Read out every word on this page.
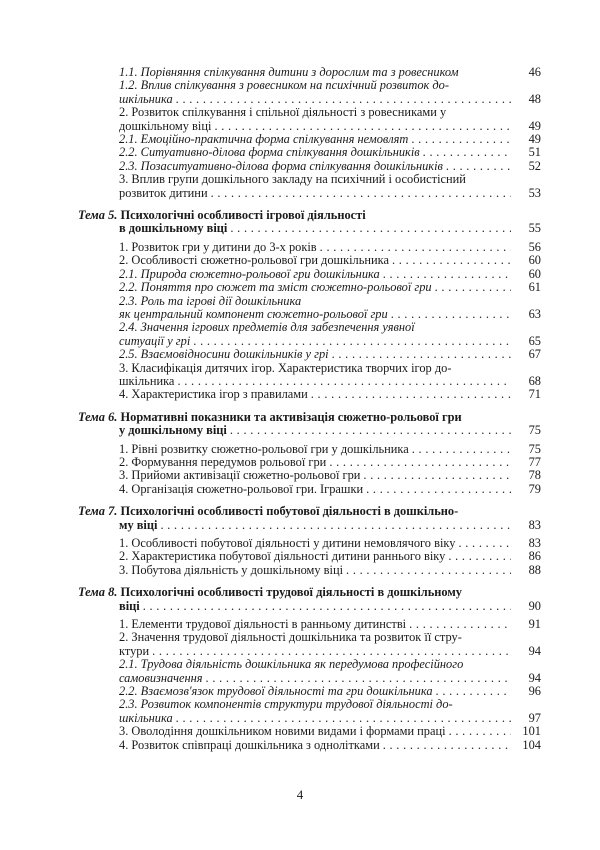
1.1. Порівняння спілкування дитини з дорослим та з ровесником	46
1.2. Вплив спілкування з ровесником на психічний розвиток до-
шкільника . . .	48
2. Розвиток спілкування і спільної діяльності з ровесниками у
дошкільному віці . . .	49
2.1. Емоційно-практична форма спілкування немовлят . . .	49
2.2. Ситуативно-ділова форма спілкування дошкільників . . .	51
2.3. Позаситуативно-ділова форма спілкування дошкільників . . .	52
3. Вплив групи дошкільного закладу на психічний і особистісний
розвиток дитини . . .	53
Тема 5. Психологічні особливості ігрової діяльності
в дошкільному віці . . .	55
1. Розвиток гри у дитини до 3-х років . . .	56
2. Особливості сюжетно-рольової гри дошкільника . . .	60
2.1. Природа сюжетно-рольової гри дошкільника . . .	60
2.2. Поняття про сюжет та зміст сюжетно-рольової гри . . .	61
2.3. Роль та ігрові дії дошкільника
як центральний компонент сюжетно-рольової гри . . .	63
2.4. Значення ігрових предметів для забезпечення уявної
ситуації у грі . . .	65
2.5. Взаємовідносини дошкільників у грі . . .	67
3. Класифікація дитячих ігор. Характеристика творчих ігор до-
шкільника . . .	68
4. Характеристика ігор з правилами . . .	71
Тема 6. Нормативні показники та активізація сюжетно-рольової гри
у дошкільному віці . . .	75
1. Рівні розвитку сюжетно-рольової гри у дошкільника . . .	75
2. Формування передумов рольової гри . . .	77
3. Прийоми активізації сюжетно-рольової гри . . .	78
4. Організація сюжетно-рольової гри. Іграшки . . .	79
Тема 7. Психологічні особливості побутової діяльності в дошкільно-
му віці . . .	83
1. Особливості побутової діяльності у дитини немовлячого віку . . .	83
2. Характеристика побутової діяльності дитини раннього віку . . .	86
3. Побутова діяльність у дошкільному віці . . .	88
Тема 8. Психологічні особливості трудової діяльності в дошкільному
віці . . .	90
1. Елементи трудової діяльності в ранньому дитинстві . . .	91
2. Значення трудової діяльності дошкільника та розвиток її стру-
ктури . . .	94
2.1. Трудова діяльність дошкільника як передумова професійного
самовизначення . . .	94
2.2. Взаємозв'язок трудової діяльності та гри дошкільника . . .	96
2.3. Розвиток компонентів структури трудової діяльності до-
шкільника . . .	97
3. Оволодіння дошкільником новими видами і формами праці . . .	101
4. Розвиток співпраці дошкільника з однолітками . . .	104
4
